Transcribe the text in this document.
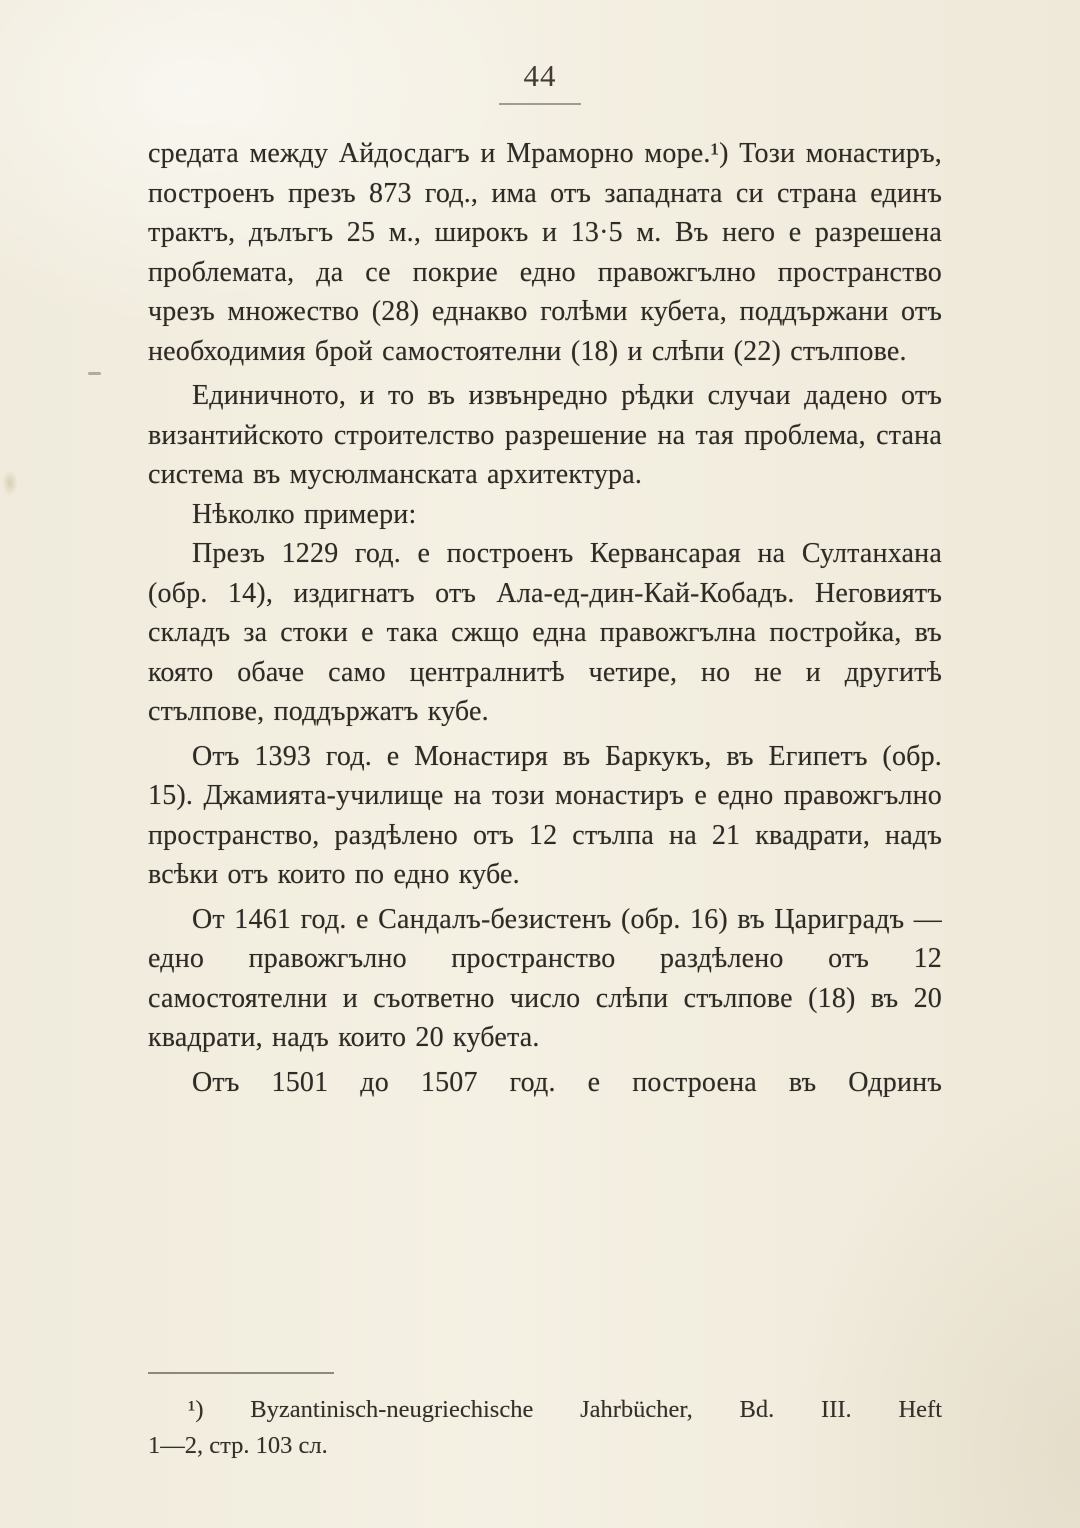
44

средата между Айдосдагъ и Мраморно море.¹) Този монастиръ, построенъ презъ 873 год., има отъ западната си страна единъ трактъ, дълъгъ 25 м., широкъ и 13·5 м. Въ него е разрешена проблемата, да се покрие едно правожгълно пространство чрезъ множество (28) еднакво голѣми кубета, поддържани отъ необходимия брой самостоятелни (18) и слѣпи (22) стълпове.

Единичното, и то въ извънредно рѣдки случаи дадено отъ византийското строителство разрешение на тая проблема, стана система въ мусюлманската архитектура.

Нѣколко примери:

Презъ 1229 год. е построенъ Кервансарая на Султанхана (обр. 14), издигнатъ отъ Ала-ед-дин-Кай-Кобадъ. Неговиятъ складъ за стоки е така сжщо една правожгълна постройка, въ която обаче само централнитѣ четире, но не и другитѣ стълпове, поддържатъ кубе.

Отъ 1393 год. е Монастиря въ Баркукъ, въ Египетъ (обр. 15). Джамията-училище на този монастиръ е едно правожгълно пространство, раздѣлено отъ 12 стълпа на 21 квадрати, надъ всѣки отъ които по едно кубе.

От 1461 год. е Сандалъ-безистенъ (обр. 16) въ Цариградъ — едно правожгълно пространство раздѣлено отъ 12 самостоятелни и съответно число слѣпи стълпове (18) въ 20 квадрати, надъ които 20 кубета.

Отъ 1501 до 1507 год. е построена въ Одринъ

¹) Byzantinisch-neugriechische Jahrbücher, Bd. III. Heft

1—2, стр. 103 сл.
